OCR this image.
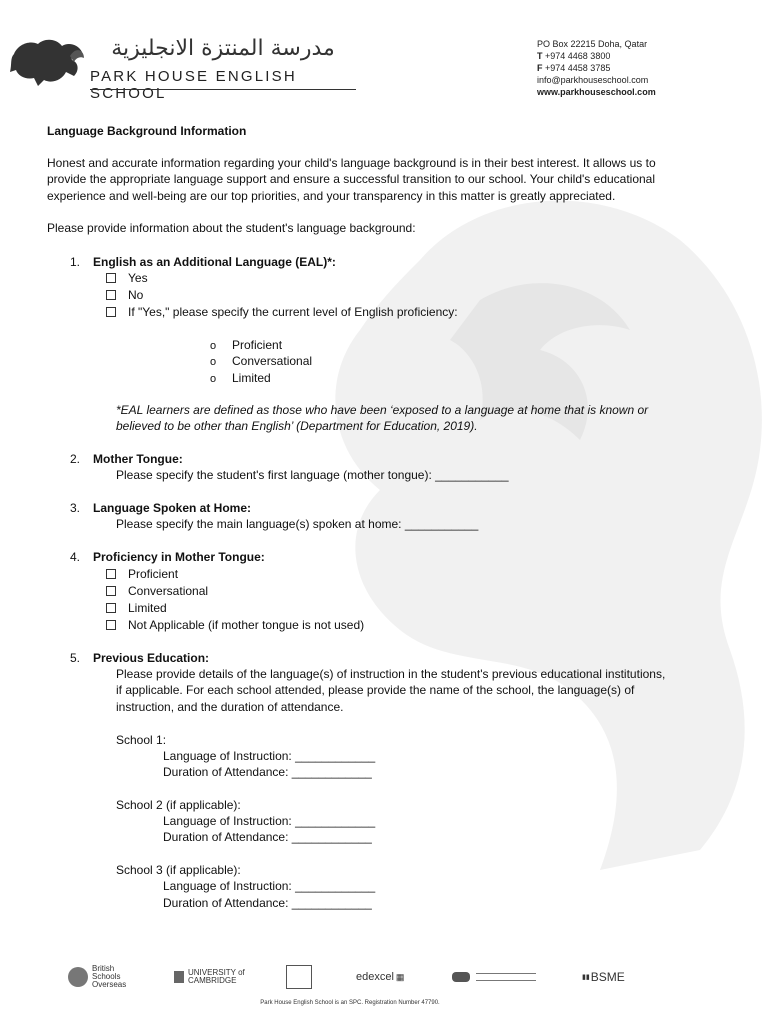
مدرسة المنتزة الانجليزية
PARK HOUSE ENGLISH SCHOOL
PO Box 22215 Doha, Qatar
T +974 4468 3800
F +974 4458 3785
info@parkhouseschool.com
www.parkhouseschool.com
Language Background Information
Honest and accurate information regarding your child's language background is in their best interest. It allows us to
provide the appropriate language support and ensure a successful transition to our school. Your child's educational
experience and well-being are our top priorities, and your transparency in this matter is greatly appreciated.
Please provide information about the student's language background:
1. English as an Additional Language (EAL)*:
Yes
No
If "Yes," please specify the current level of English proficiency:
o Proficient
o Conversational
o Limited
*EAL learners are defined as those who have been ‘exposed to a language at home that is known or
believed to be other than English’ (Department for Education, 2019).
2. Mother Tongue:
Please specify the student's first language (mother tongue): ___________
3. Language Spoken at Home:
Please specify the main language(s) spoken at home: ___________
4. Proficiency in Mother Tongue:
Proficient
Conversational
Limited
Not Applicable (if mother tongue is not used)
5. Previous Education:
Please provide details of the language(s) of instruction in the student's previous educational institutions,
if applicable. For each school attended, please provide the name of the school, the language(s) of
instruction, and the duration of attendance.
School 1:
Language of Instruction: ____________
Duration of Attendance: ____________
School 2 (if applicable):
Language of Instruction: ____________
Duration of Attendance: ____________
School 3 (if applicable):
Language of Instruction: ____________
Duration of Attendance: ____________
British Schools Overseas
UNIVERSITY of CAMBRIDGE	edexcel ▦	▮▮ BSME
Park House English School is an SPC. Registration Number 47790.
